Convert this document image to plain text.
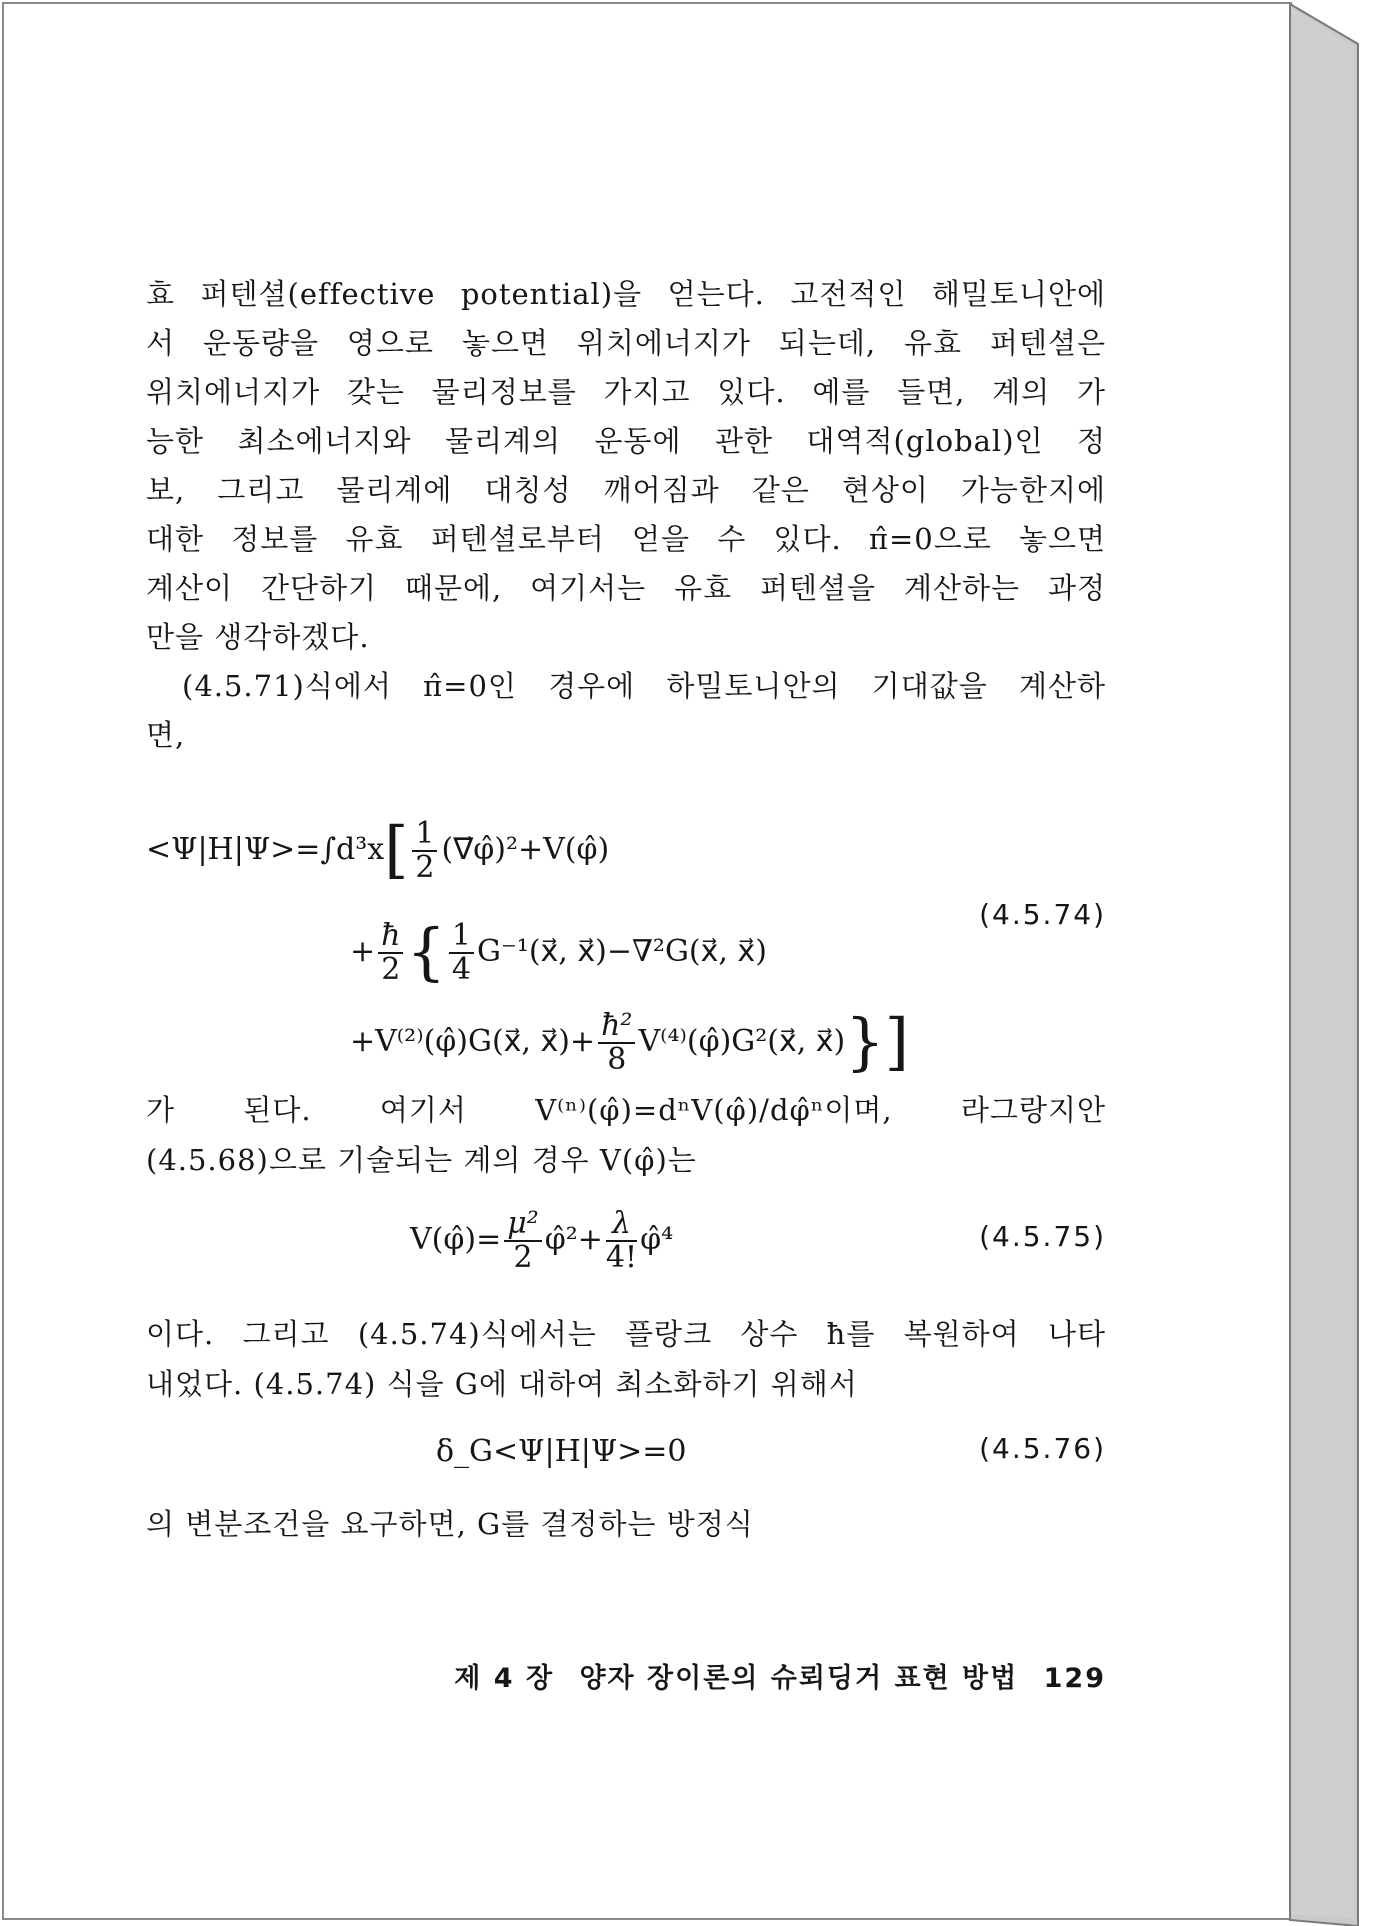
효 퍼텐셜(effective potential)을 얻는다. 고전적인 해밀토니안에
서 운동량을 영으로 놓으면 위치에너지가 되는데, 유효 퍼텐셜은
위치에너지가 갖는 물리정보를 가지고 있다. 예를 들면, 계의 가
능한 최소에너지와 물리계의 운동에 관한 대역적(global)인 정
보, 그리고 물리계에 대칭성 깨어짐과 같은 현상이 가능한지에
대한 정보를 유효 퍼텐셜로부터 얻을 수 있다. π̂=0으로 놓으면
계산이 간단하기 때문에, 여기서는 유효 퍼텐셜을 계산하는 과정
만을 생각하겠다.
(4.5.71)식에서 π̂=0인 경우에 하밀토니안의 기대값을 계산하
면,
$<\Psi|H|\Psi>=\int d^3x[ \frac{1}{2}$ (∇⃗φ̂)²+V(φ̂)
+ $\frac{ħ}{2}$ { $\frac{1}{4}$ G⁻¹(x⃗, x⃗)−∇²G(x⃗, x⃗)
(4.5.74)
+V⁽²⁾(φ̂)G(x⃗, x⃗)+ $\frac{\text{ħ²}}{8}$ V⁽⁴⁾(φ̂)G²(x⃗, x⃗)}]
가 된다. 여기서 V⁽ⁿ⁾(φ̂)=dⁿV(φ̂)/dφ̂ⁿ이며, 라그랑지안
(4.5.68)으로 기술되는 계의 경우 V(φ̂)는
V(φ̂)= $\frac{\text{μ²}}{2}$ φ̂²+ $\frac{\lambda}{4!}$ φ̂⁴	(4.5.75)
이다. 그리고 (4.5.74)식에서는 플랑크 상수 ħ를 복원하여 나타
내었다. (4.5.74) 식을 G에 대하여 최소화하기 위해서
δ_G<Ψ|H|Ψ>=0	(4.5.76)
의 변분조건을 요구하면, G를 결정하는 방정식
제 4 장 양자 장이론의 슈뢰딩거 표현 방법 129
